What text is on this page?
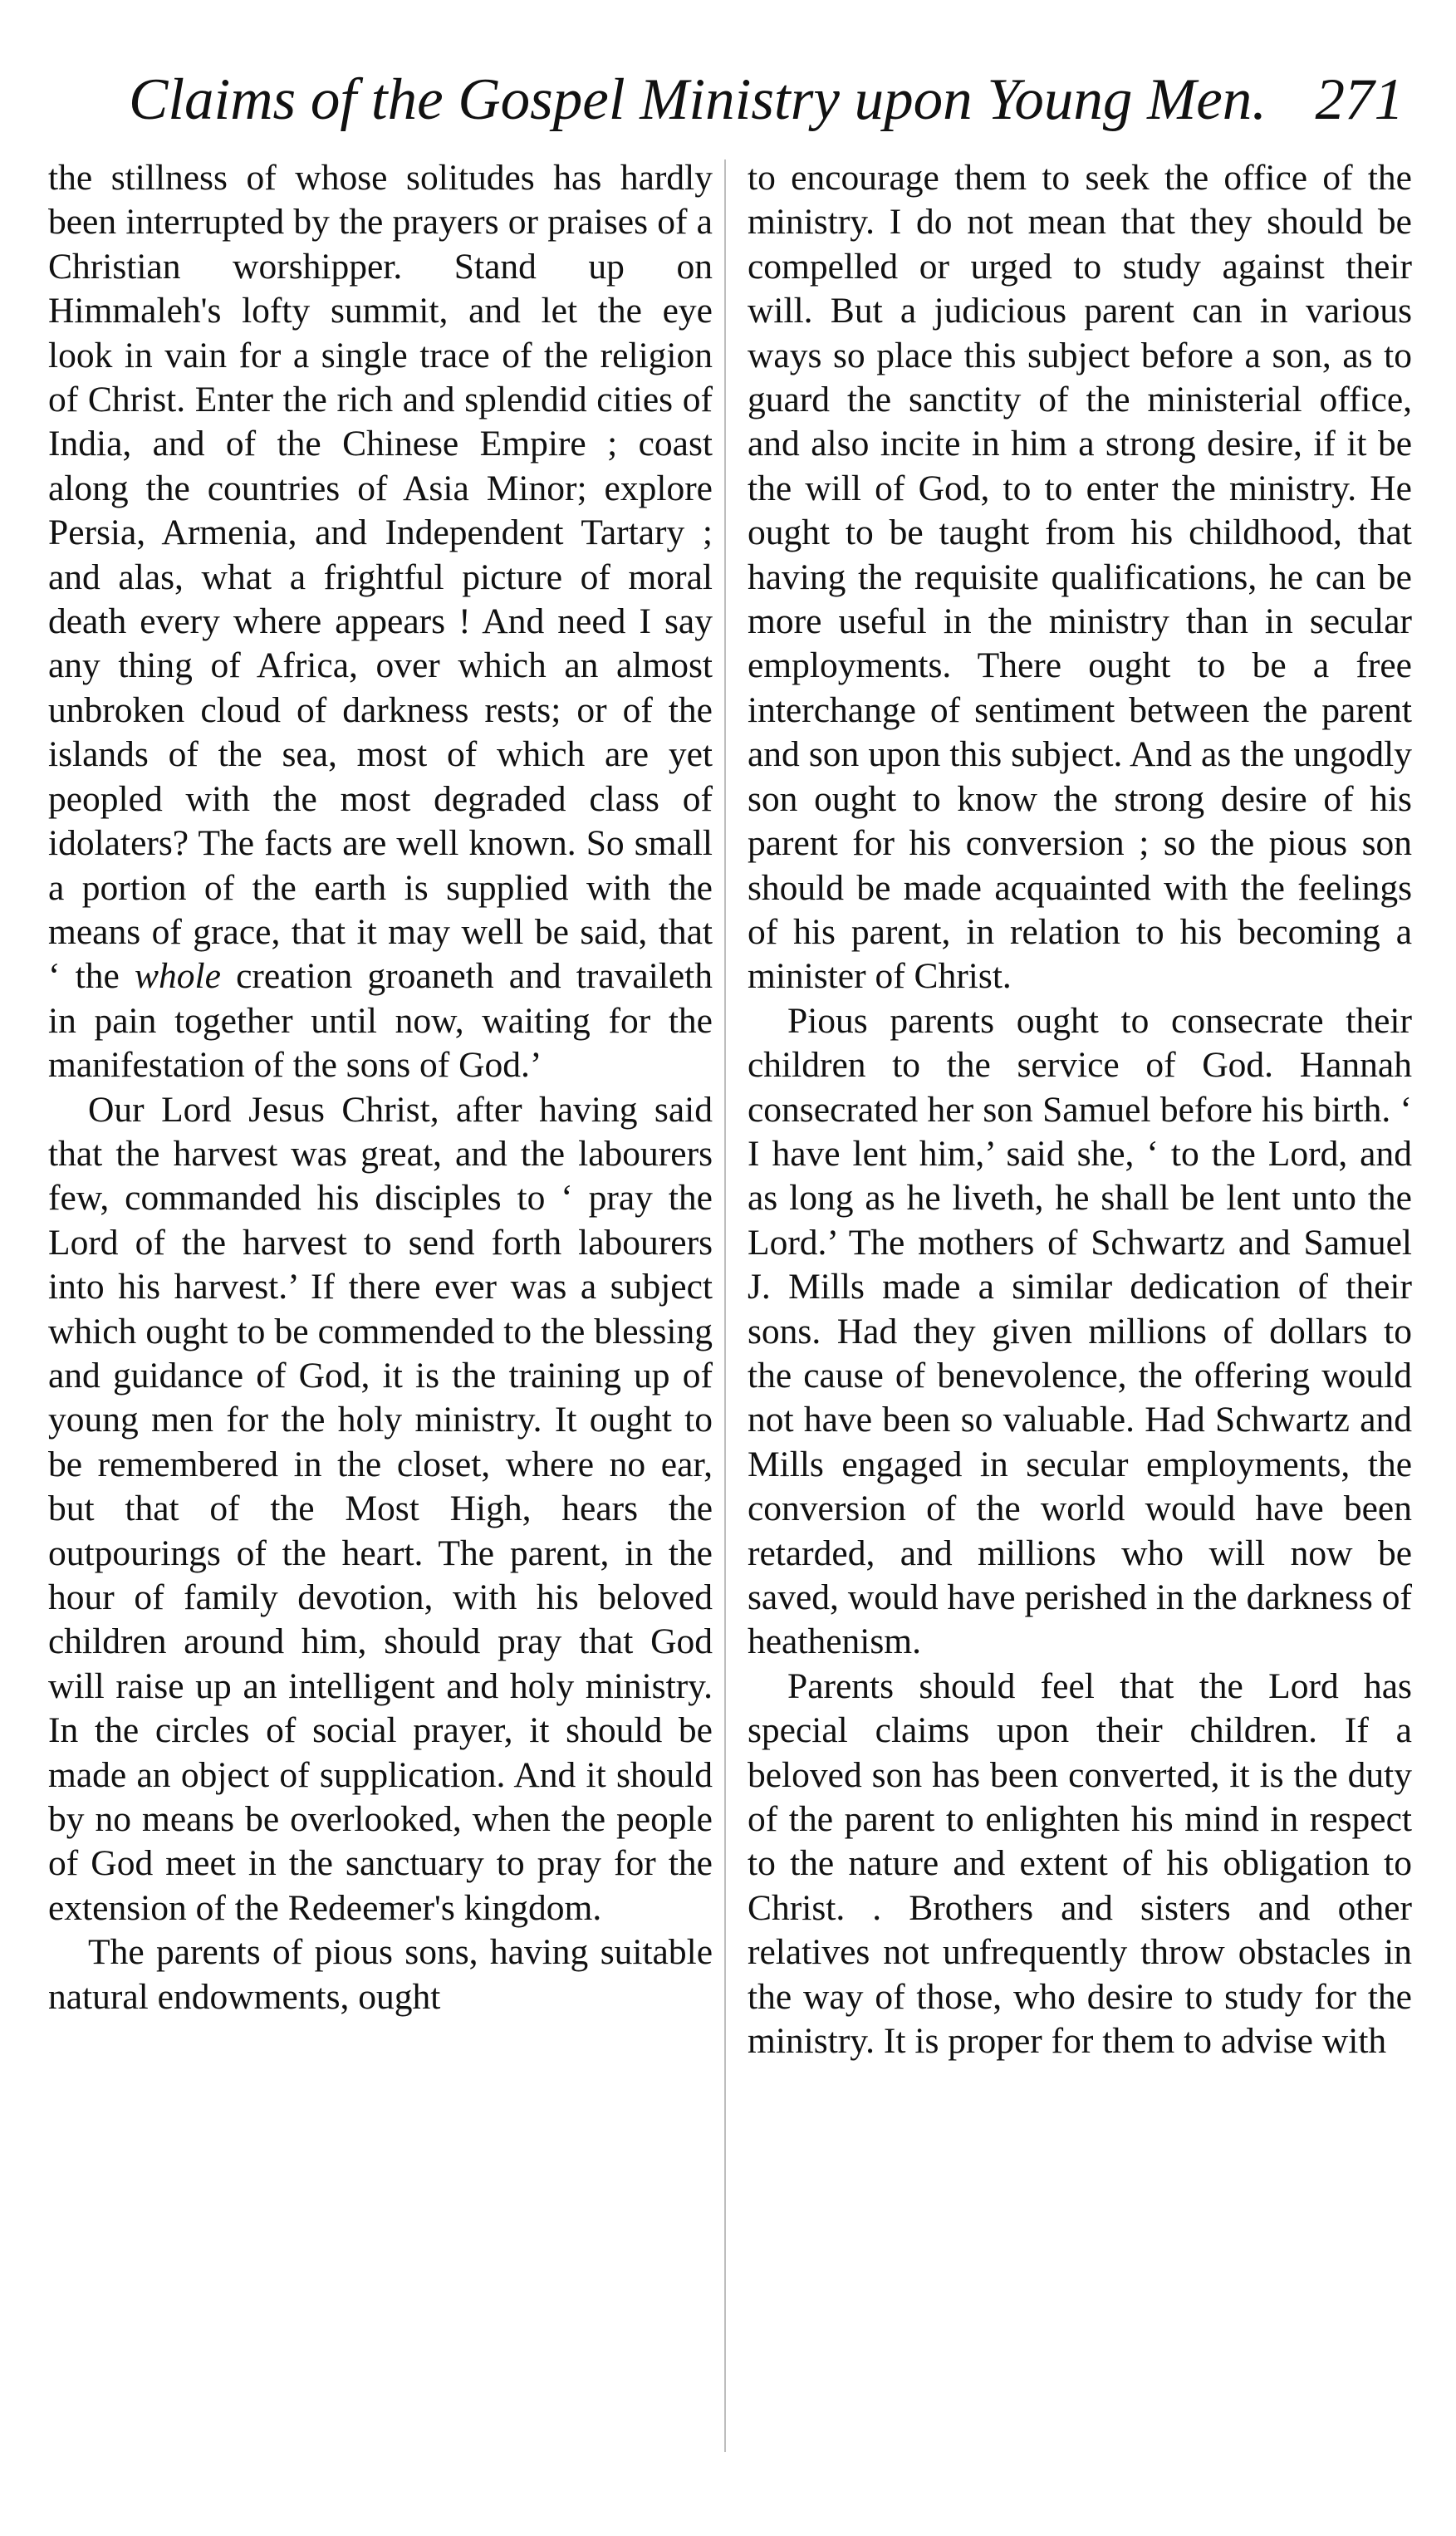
Claims of the Gospel Ministry upon Young Men. 271

the stillness of whose solitudes has hardly been interrupted by the prayers or praises of a Christian worshipper. Stand up on Himmaleh's lofty summit, and let the eye look in vain for a single trace of the religion of Christ. Enter the rich and splendid cities of India, and of the Chinese Empire ; coast along the countries of Asia Minor; explore Persia, Armenia, and Independent Tartary ; and alas, what a frightful picture of moral death every where appears ! And need I say any thing of Africa, over which an almost unbroken cloud of darkness rests; or of the islands of the sea, most of which are yet peopled with the most degraded class of idolaters? The facts are well known. So small a portion of the earth is supplied with the means of grace, that it may well be said, that ‘ the whole creation groaneth and travaileth in pain together until now, waiting for the manifestation of the sons of God.’

Our Lord Jesus Christ, after having said that the harvest was great, and the labourers few, commanded his disciples to ‘ pray the Lord of the harvest to send forth labourers into his harvest.’ If there ever was a subject which ought to be commended to the blessing and guidance of God, it is the training up of young men for the holy ministry. It ought to be remembered in the closet, where no ear, but that of the Most High, hears the outpourings of the heart. The parent, in the hour of family devotion, with his beloved children around him, should pray that God will raise up an intelligent and holy ministry. In the circles of social prayer, it should be made an object of supplication. And it should by no means be overlooked, when the people of God meet in the sanctuary to pray for the extension of the Redeemer's kingdom.

The parents of pious sons, having suitable natural endowments, ought

to encourage them to seek the office of the ministry. I do not mean that they should be compelled or urged to study against their will. But a judicious parent can in various ways so place this subject before a son, as to guard the sanctity of the ministerial office, and also incite in him a strong desire, if it be the will of God, to to enter the ministry. He ought to be taught from his childhood, that having the requisite qualifications, he can be more useful in the ministry than in secular employments. There ought to be a free interchange of sentiment between the parent and son upon this subject. And as the ungodly son ought to know the strong desire of his parent for his conversion ; so the pious son should be made acquainted with the feelings of his parent, in relation to his becoming a minister of Christ.

Pious parents ought to consecrate their children to the service of God. Hannah consecrated her son Samuel before his birth. ‘ I have lent him,’ said she, ‘ to the Lord, and as long as he liveth, he shall be lent unto the Lord.’ The mothers of Schwartz and Samuel J. Mills made a similar dedication of their sons. Had they given millions of dollars to the cause of benevolence, the offering would not have been so valuable. Had Schwartz and Mills engaged in secular employments, the conversion of the world would have been retarded, and millions who will now be saved, would have perished in the darkness of heathenism.

Parents should feel that the Lord has special claims upon their children. If a beloved son has been converted, it is the duty of the parent to enlighten his mind in respect to the nature and extent of his obligation to Christ. . Brothers and sisters and other relatives not unfrequently throw obstacles in the way of those, who desire to study for the ministry. It is proper for them to advise with
